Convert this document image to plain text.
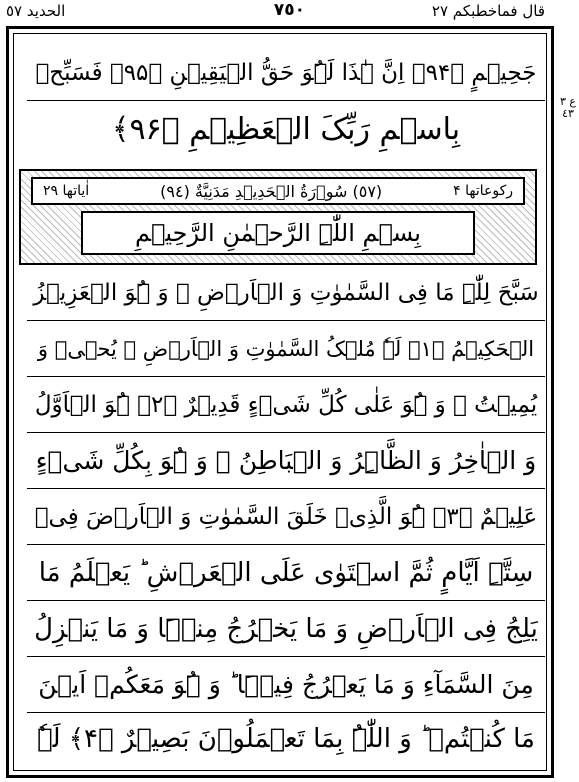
الحديد ٥٧	٧٥٠	قال فماخطبكم ٢٧
ع ٣ ٤٣
جَحِیۡمٍ ﴿۹۴﴾ اِنَّ ہٰذَا لَہُوَ حَقُّ الۡیَقِیۡنِ ﴿۹۵﴾ فَسَبِّحۡ
بِاسۡمِ رَبِّکَ الۡعَظِیۡمِ ﴿۹۶﴾
رکوعاتھا ۴
(٥٧) سُوۡرَةُ الۡحَدِیۡدِ مَدَنِیَّةٌ (٩٤)
اٰیاتھا ۲۹
بِسۡمِ اللّٰہِ الرَّحۡمٰنِ الرَّحِیۡمِ
سَبَّحَ لِلّٰہِ مَا فِی السَّمٰوٰتِ وَ الۡاَرۡضِ ۚ وَ ہُوَ الۡعَزِیۡزُ
الۡحَکِیۡمُ ﴿۱﴾ لَہٗ مُلۡکُ السَّمٰوٰتِ وَ الۡاَرۡضِ ۚ یُحۡیٖ وَ
یُمِیۡتُ ۚ وَ ہُوَ عَلٰی کُلِّ شَیۡءٍ قَدِیۡرٌ ﴿۲﴾ ہُوَ الۡاَوَّلُ
وَ الۡاٰخِرُ وَ الظَّاہِرُ وَ الۡبَاطِنُ ۚ وَ ہُوَ بِکُلِّ شَیۡءٍ
عَلِیۡمٌ ﴿۳﴾ ہُوَ الَّذِیۡ خَلَقَ السَّمٰوٰتِ وَ الۡاَرۡضَ فِیۡ
سِتَّۃِ اَیَّامٍ ثُمَّ اسۡتَوٰی عَلَی الۡعَرۡشِ ؕ یَعۡلَمُ مَا
یَلِجُ فِی الۡاَرۡضِ وَ مَا یَخۡرُجُ مِنۡہَا وَ مَا یَنۡزِلُ
مِنَ السَّمَآءِ وَ مَا یَعۡرُجُ فِیۡہَا ؕ وَ ہُوَ مَعَکُمۡ اَیۡنَ
مَا کُنۡتُمۡ ؕ وَ اللّٰہُ بِمَا تَعۡمَلُوۡنَ بَصِیۡرٌ ﴿۴﴾ لَہٗ
